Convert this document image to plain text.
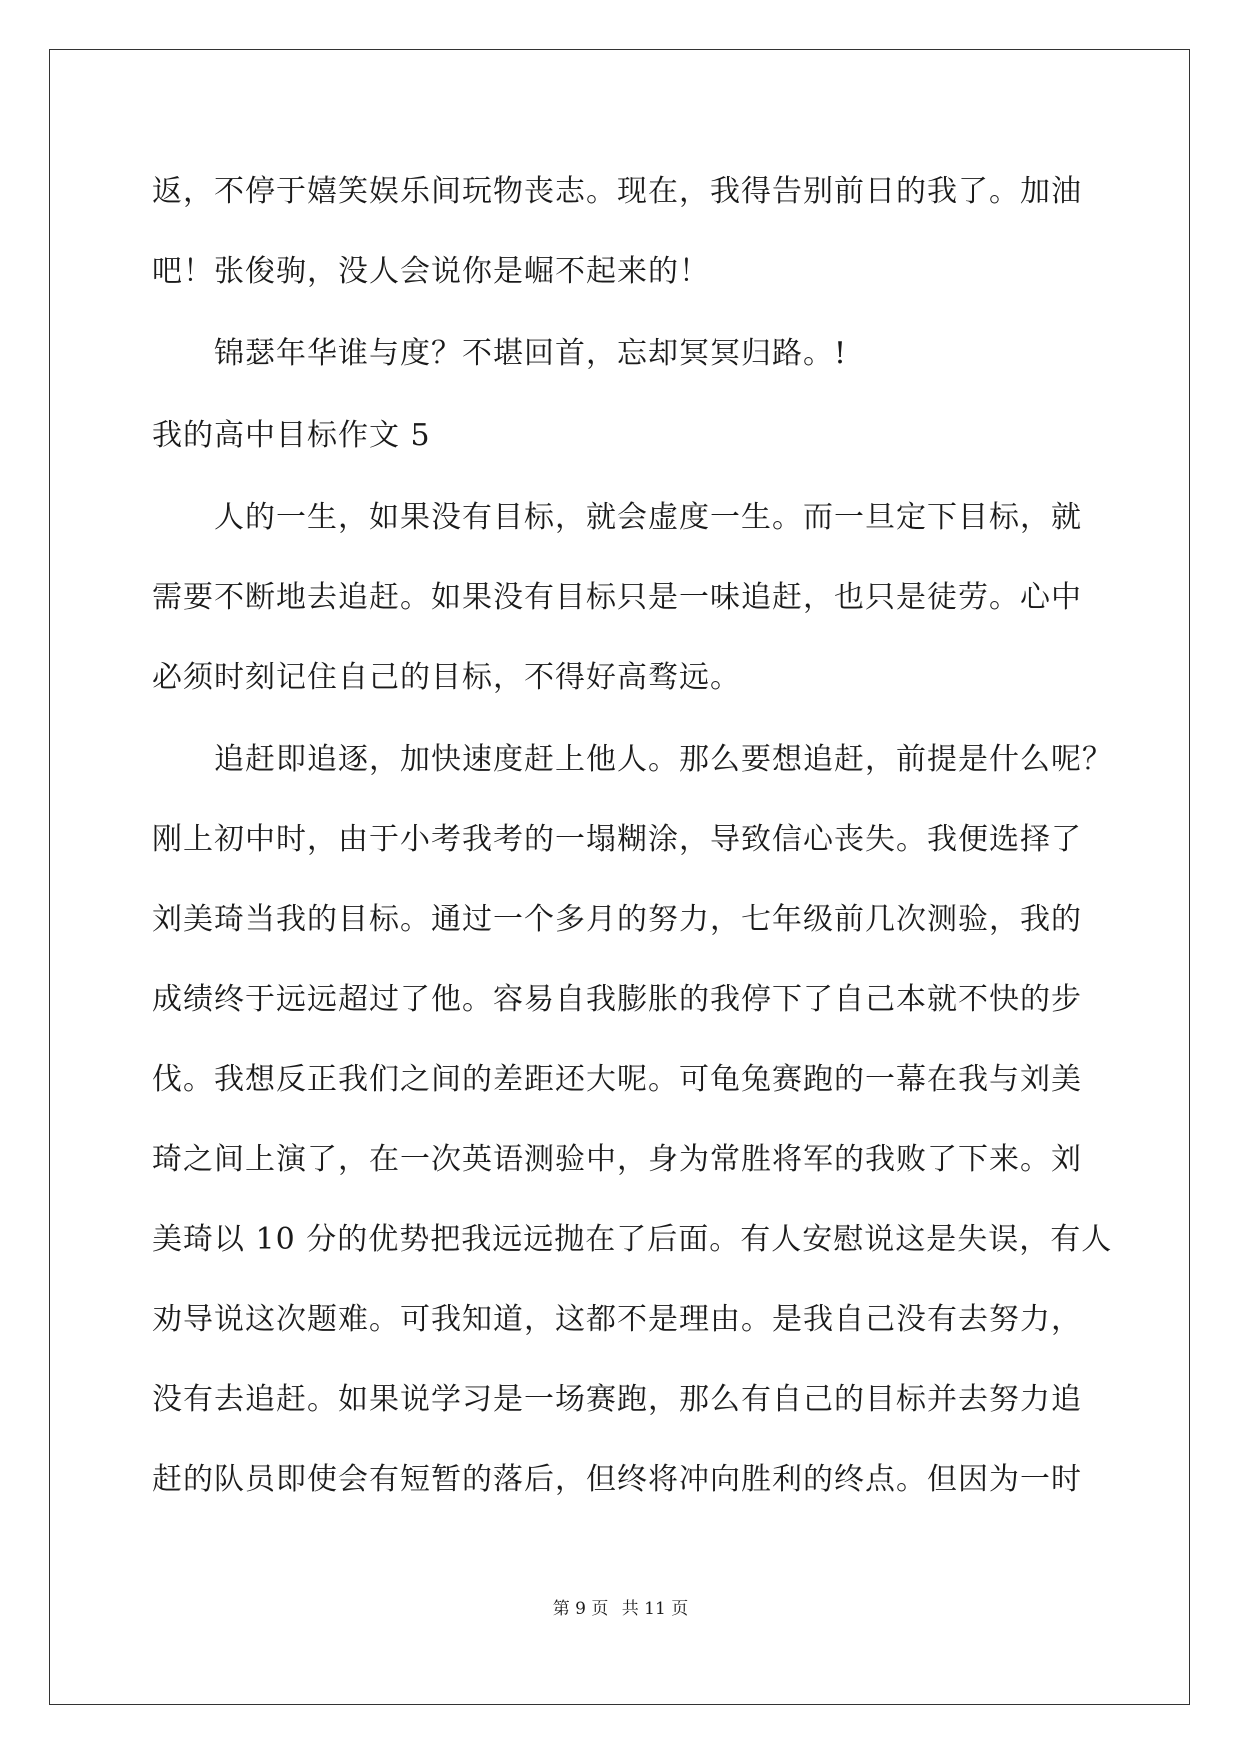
返，不停于嬉笑娱乐间玩物丧志。现在，我得告别前日的我了。加油
吧！张俊驹，没人会说你是崛不起来的！
锦瑟年华谁与度？不堪回首，忘却冥冥归路。!
我的高中目标作文 5
人的一生，如果没有目标，就会虚度一生。而一旦定下目标，就
需要不断地去追赶。如果没有目标只是一味追赶，也只是徒劳。心中
必须时刻记住自己的目标，不得好高骛远。
追赶即追逐，加快速度赶上他人。那么要想追赶，前提是什么呢？
刚上初中时，由于小考我考的一塌糊涂，导致信心丧失。我便选择了
刘美琦当我的目标。通过一个多月的努力，七年级前几次测验，我的
成绩终于远远超过了他。容易自我膨胀的我停下了自己本就不快的步
伐。我想反正我们之间的差距还大呢。可龟兔赛跑的一幕在我与刘美
琦之间上演了，在一次英语测验中，身为常胜将军的我败了下来。刘
美琦以 10 分的优势把我远远抛在了后面。有人安慰说这是失误，有人
劝导说这次题难。可我知道，这都不是理由。是我自己没有去努力，
没有去追赶。如果说学习是一场赛跑，那么有自己的目标并去努力追
赶的队员即使会有短暂的落后，但终将冲向胜利的终点。但因为一时
第 9 页 共 11 页
